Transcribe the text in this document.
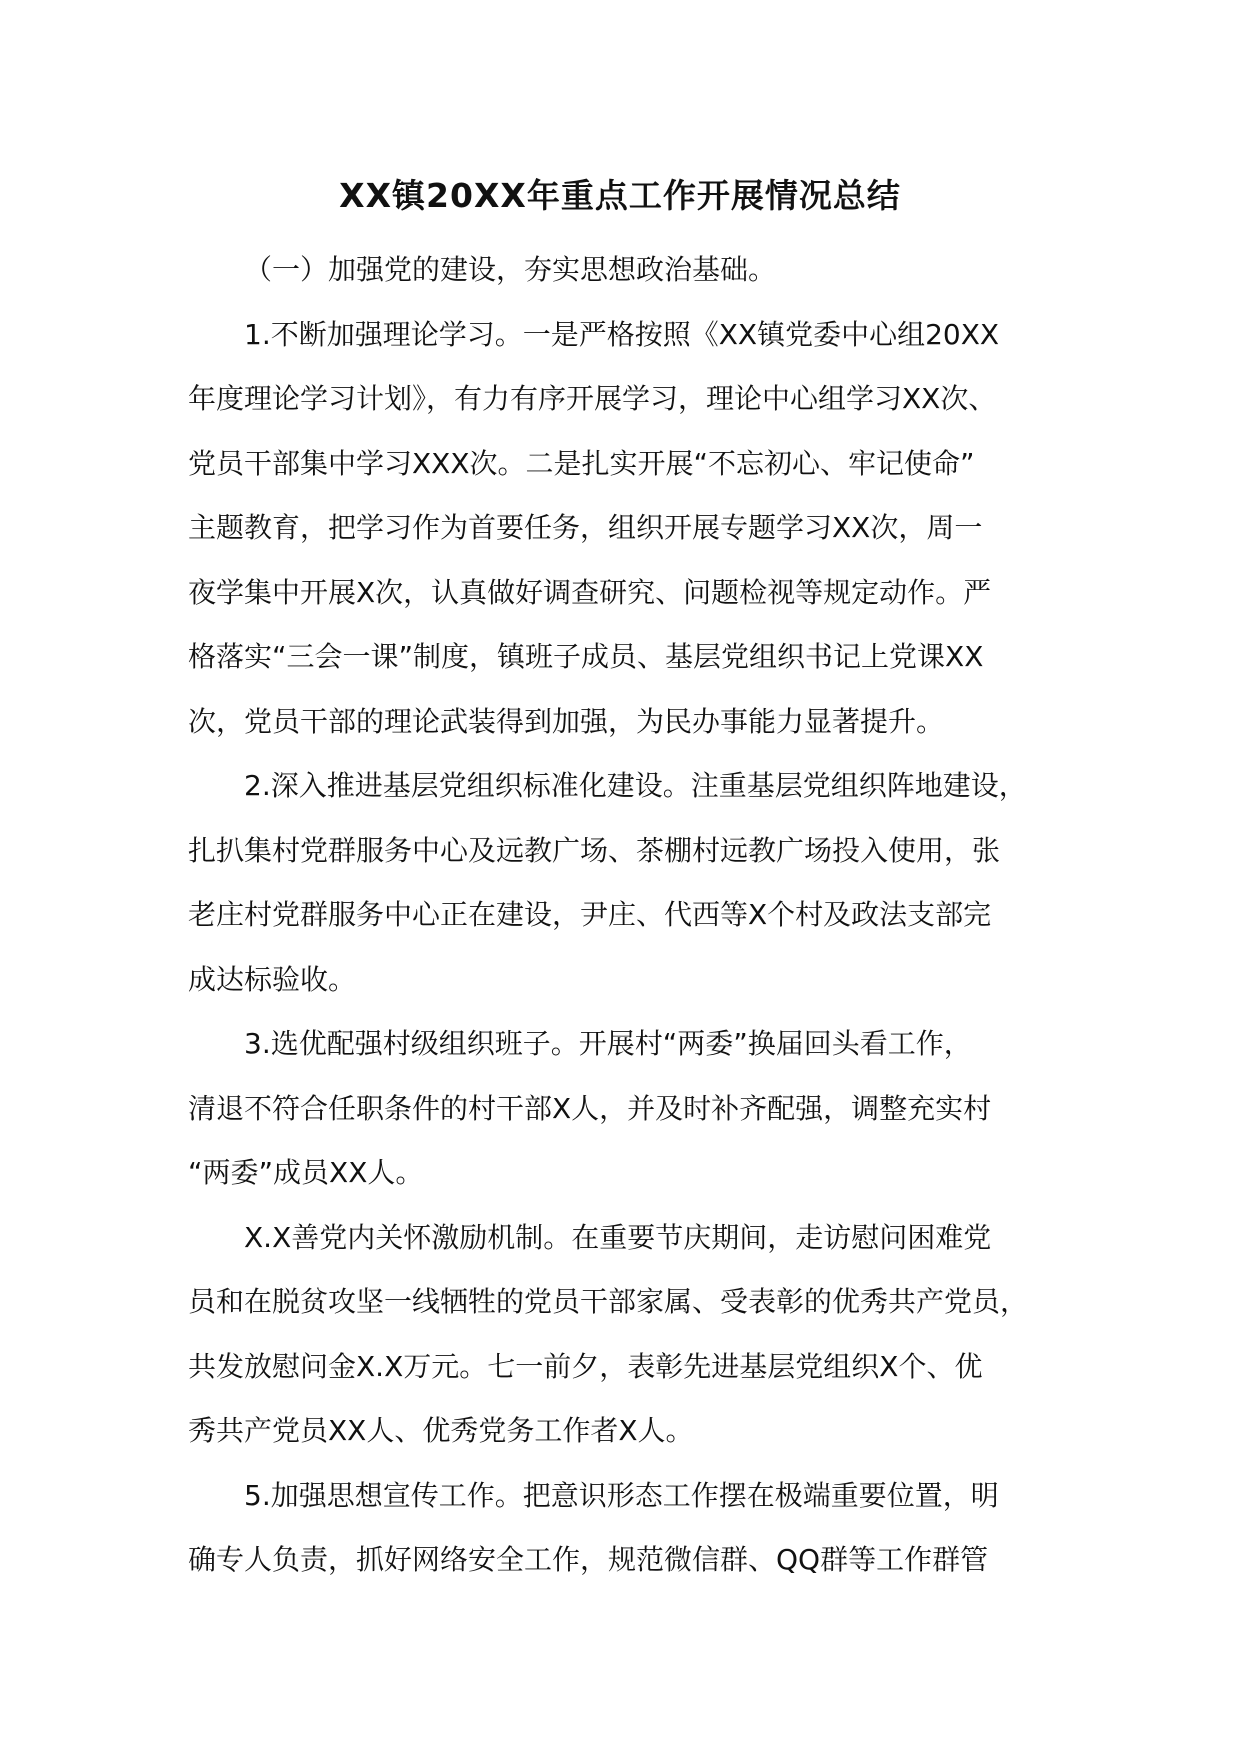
XX镇20XX年重点工作开展情况总结

（一）加强党的建设，夯实思想政治基础。

1.不断加强理论学习。一是严格按照《XX镇党委中心组20XX
年度理论学习计划》，有力有序开展学习，理论中心组学习XX次、
党员干部集中学习XXX次。二是扎实开展“不忘初心、牢记使命”
主题教育，把学习作为首要任务，组织开展专题学习XX次，周一
夜学集中开展X次，认真做好调查研究、问题检视等规定动作。严
格落实“三会一课”制度，镇班子成员、基层党组织书记上党课XX
次，党员干部的理论武装得到加强，为民办事能力显著提升。

2.深入推进基层党组织标准化建设。注重基层党组织阵地建设，
扎扒集村党群服务中心及远教广场、茶棚村远教广场投入使用，张
老庄村党群服务中心正在建设，尹庄、代西等X个村及政法支部完
成达标验收。

3.选优配强村级组织班子。开展村“两委”换届回头看工作，
清退不符合任职条件的村干部X人，并及时补齐配强，调整充实村
“两委”成员XX人。

X.X善党内关怀激励机制。在重要节庆期间，走访慰问困难党
员和在脱贫攻坚一线牺牲的党员干部家属、受表彰的优秀共产党员，
共发放慰问金X.X万元。七一前夕，表彰先进基层党组织X个、优
秀共产党员XX人、优秀党务工作者X人。

5.加强思想宣传工作。把意识形态工作摆在极端重要位置，明
确专人负责，抓好网络安全工作，规范微信群、QQ群等工作群管
